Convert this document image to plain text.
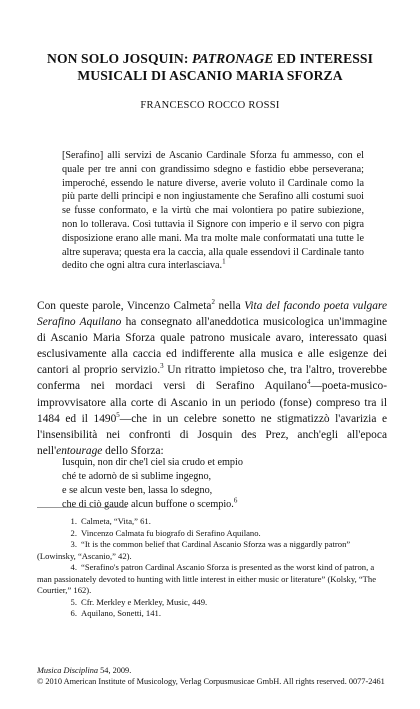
NON SOLO JOSQUIN: PATRONAGE ED INTERESSI
MUSICALI DI ASCANIO MARIA SFORZA
FRANCESCO ROCCO ROSSI

[Serafino] alli servizi de Ascanio Cardinale Sforza fu ammesso, con el quale per tre anni con grandissimo sdegno e fastidio ebbe perseverana; imperoché, essendo le nature diverse, averie voluto il Cardinale como la più parte delli principi e non ingiustamente che Serafino alli costumi suoi se fusse conformato, e la virtù che mai volontiera po patire subiezione, non lo tollerava. Così tuttavia il Signore con imperio e il servo con pigra disposizione erano alle mani. Ma tra molte male conformatati una tutte le altre superava; questa era la caccia, alla quale essendovi il Cardinale tanto dedito che ogni altra cura interlasciava.$^1$

Con queste parole, Vincenzo Calmeta$^2$ nella Vita del facondo poeta vulgare Serafino Aquilano ha consegnato all'aneddotica musicologica un'immagine di Ascanio Maria Sforza quale patrono musicale avaro, interessato quasi esclusivamente alla caccia ed indifferente alla musica e alle esigenze dei cantori al proprio servizio.$^3$ Un ritratto impietoso che, tra l'altro, troverebbe conferma nei mordaci versi di Serafino Aquilano$^4$—poeta-musico-improvvisatore alla corte di Ascanio in un periodo (fonse) compreso tra il 1484 ed il 1490$^5$—che in un celebre sonetto ne stigmatizzò l'avarizia e l'insensibilità nei confronti di Josquin des Prez, anch'egli all'epoca nell'entourage dello Sforza:

Iusquin, non dir che'l ciel sia crudo et empio
ché te adornò de sì sublime ingegno,
e se alcun veste ben, lassa lo sdegno,
che di ciò gaude alcun buffone o scempio.$^6$

1. Calmeta, “Vita,” 61.

2. Vincenzo Calmata fu biografo di Serafino Aquilano.

3. “It is the common belief that Cardinal Ascanio Sforza was a niggardly patron” (Lowinsky, “Ascanio,” 42).

4. “Serafino's patron Cardinal Ascanio Sforza is presented as the worst kind of patron, a man passionately devoted to hunting with little interest in either music or literature” (Kolsky, “The Courtier,” 162).

5. Cfr. Merkley e Merkley, Music, 449.

6. Aquilano, Sonetti, 141.

Musica Disciplina 54, 2009.
© 2010 American Institute of Musicology, Verlag Corpusmusicae GmbH. All rights reserved. 0077-2461
